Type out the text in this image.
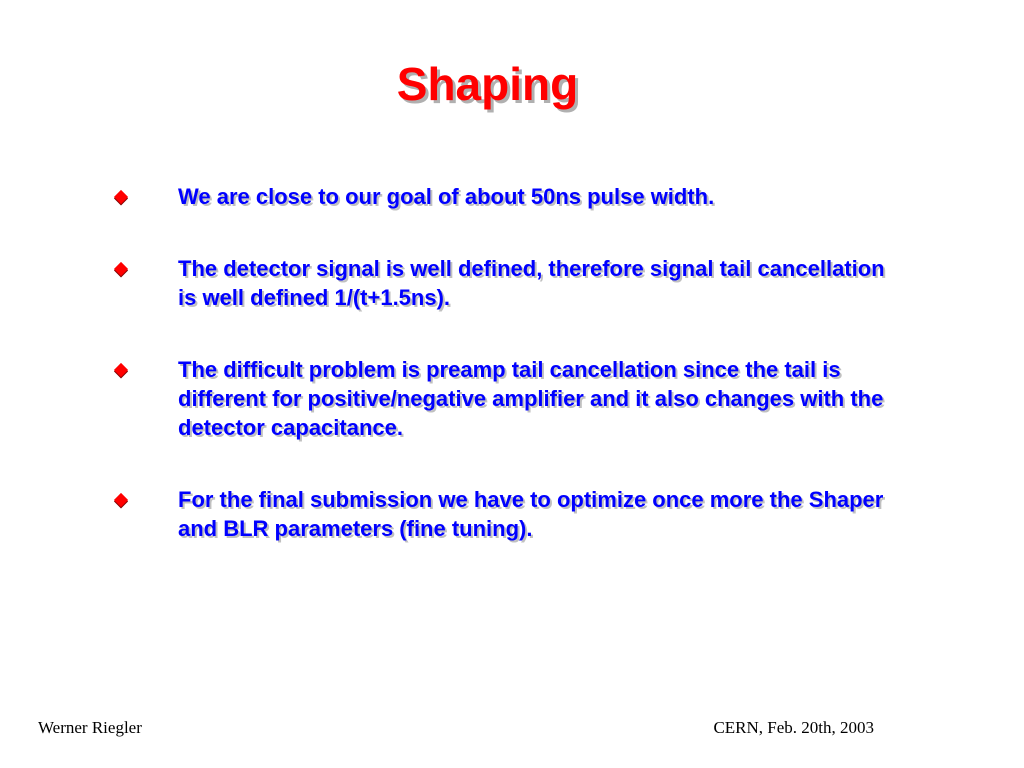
Shaping
We are close to our goal of about 50ns pulse width.
The detector signal is well defined, therefore signal tail cancellation is well defined 1/(t+1.5ns).
The difficult problem is preamp tail cancellation since the tail is different for positive/negative amplifier and it also changes with the detector capacitance.
For the final submission we have to optimize once more the Shaper and BLR parameters (fine tuning).
Werner Riegler	CERN, Feb. 20th, 2003
